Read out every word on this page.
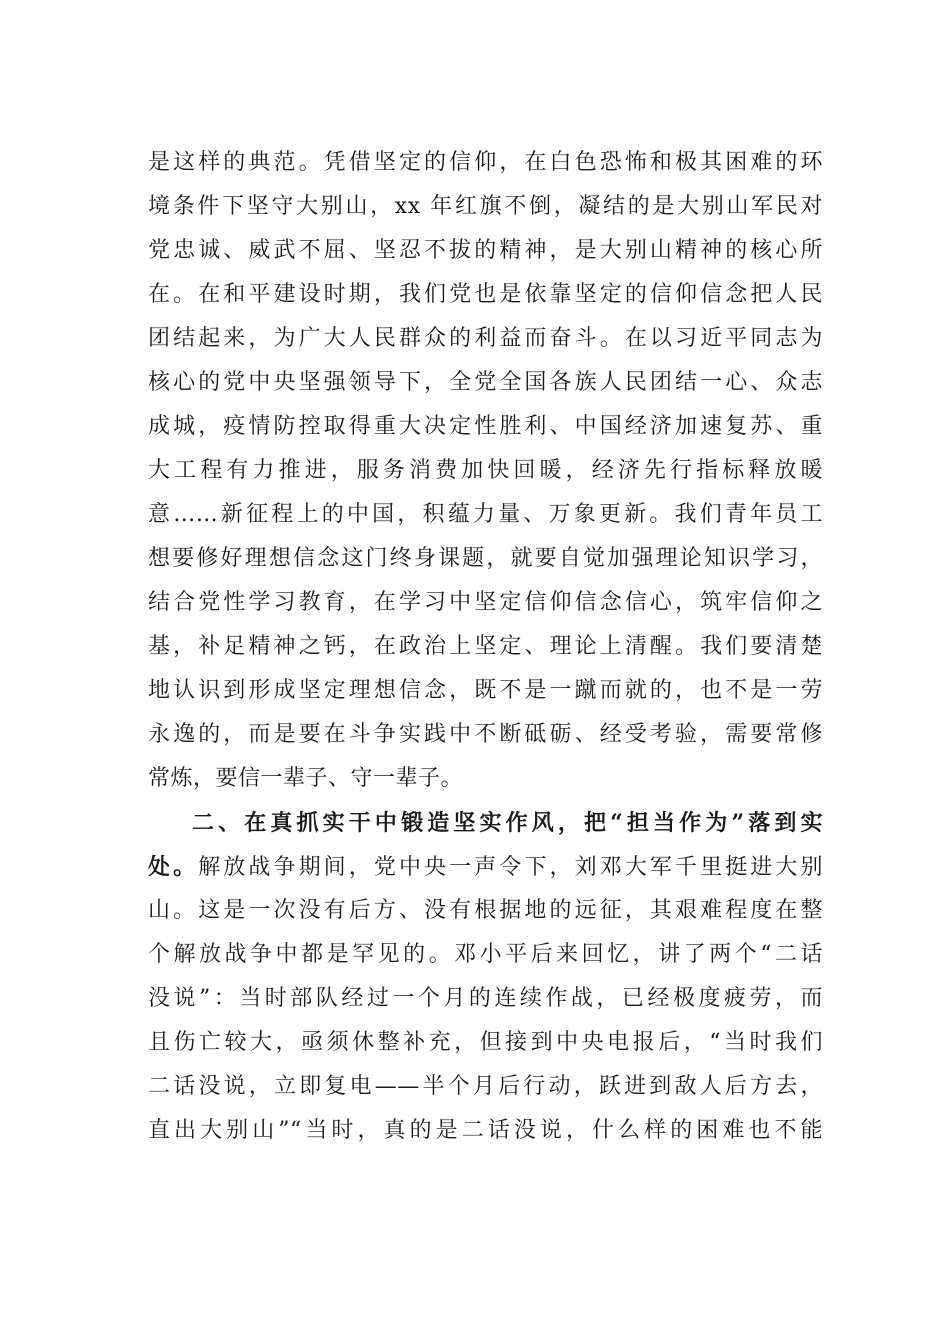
是这样的典范。凭借坚定的信仰，在白色恐怖和极其困难的环
境条件下坚守大别山，xx 年红旗不倒，凝结的是大别山军民对
党忠诚、威武不屈、坚忍不拔的精神，是大别山精神的核心所
在。在和平建设时期，我们党也是依靠坚定的信仰信念把人民
团结起来，为广大人民群众的利益而奋斗。在以习近平同志为
核心的党中央坚强领导下，全党全国各族人民团结一心、众志
成城，疫情防控取得重大决定性胜利、中国经济加速复苏、重
大工程有力推进，服务消费加快回暖，经济先行指标释放暖
意……新征程上的中国，积蕴力量、万象更新。我们青年员工
想要修好理想信念这门终身课题，就要自觉加强理论知识学习，
结合党性学习教育，在学习中坚定信仰信念信心，筑牢信仰之
基，补足精神之钙，在政治上坚定、理论上清醒。我们要清楚
地认识到形成坚定理想信念，既不是一蹴而就的，也不是一劳
永逸的，而是要在斗争实践中不断砥砺、经受考验，需要常修
常炼，要信一辈子、守一辈子。
二、在真抓实干中锻造坚实作风，把“担当作为”落到实
处。解放战争期间，党中央一声令下，刘邓大军千里挺进大别
山。这是一次没有后方、没有根据地的远征，其艰难程度在整
个解放战争中都是罕见的。邓小平后来回忆，讲了两个“二话
没说”：当时部队经过一个月的连续作战，已经极度疲劳，而
且伤亡较大，亟须休整补充，但接到中央电报后，“当时我们
二话没说，立即复电——半个月后行动，跃进到敌人后方去，
直出大别山”“当时，真的是二话没说，什么样的困难也不能
